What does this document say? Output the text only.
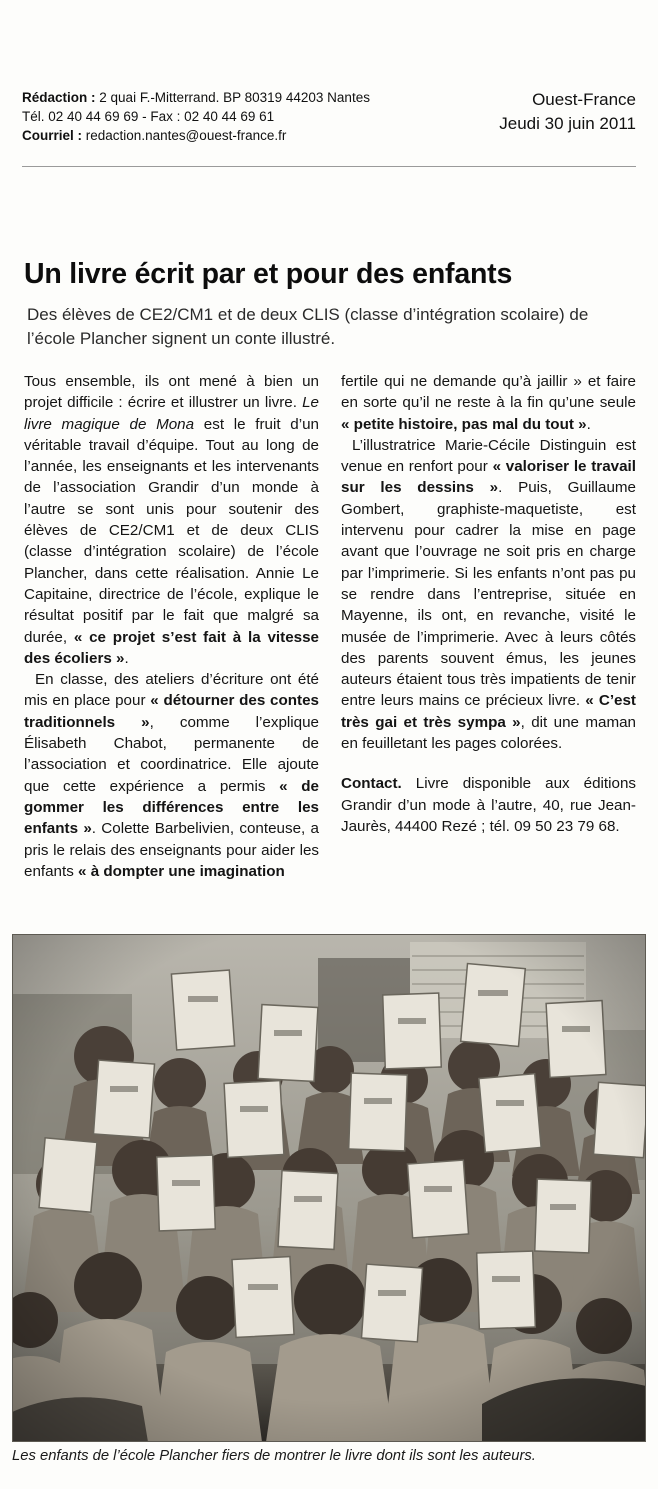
Rédaction : 2 quai F.-Mitterrand. BP 80319 44203 Nantes
Tél. 02 40 44 69 69 - Fax : 02 40 44 69 61
Courriel : redaction.nantes@ouest-france.fr
Ouest-France
Jeudi 30 juin 2011
Un livre écrit par et pour des enfants
Des élèves de CE2/CM1 et de deux CLIS (classe d’intégration scolaire) de l’école Plancher signent un conte illustré.

Tous ensemble, ils ont mené à bien un projet difficile : écrire et illustrer un livre. Le livre magique de Mona est le fruit d’un véritable travail d’équipe. Tout au long de l’année, les enseignants et les intervenants de l’association Grandir d’un monde à l’autre se sont unis pour soutenir des élèves de CE2/CM1 et de deux CLIS (classe d’intégration scolaire) de l’école Plancher, dans cette réalisation. Annie Le Capitaine, directrice de l’école, explique le résultat positif par le fait que malgré sa durée, « ce projet s’est fait à la vitesse des écoliers ».

En classe, des ateliers d’écriture ont été mis en place pour « détourner des contes traditionnels », comme l’explique Élisabeth Chabot, permanente de l’association et coordinatrice. Elle ajoute que cette expérience a permis « de gommer les différences entre les enfants ». Colette Barbelivien, conteuse, a pris le relais des enseignants pour aider les enfants « à dompter une imagination

fertile qui ne demande qu’à jaillir » et faire en sorte qu’il ne reste à la fin qu’une seule « petite histoire, pas mal du tout ».

L’illustratrice Marie-Cécile Distinguin est venue en renfort pour « valoriser le travail sur les dessins ». Puis, Guillaume Gombert, graphiste-maquetiste, est intervenu pour cadrer la mise en page avant que l’ouvrage ne soit pris en charge par l’imprimerie. Si les enfants n’ont pas pu se rendre dans l’entreprise, située en Mayenne, ils ont, en revanche, visité le musée de l’imprimerie. Avec à leurs côtés des parents souvent émus, les jeunes auteurs étaient tous très impatients de tenir entre leurs mains ce précieux livre. « C’est très gai et très sympa », dit une maman en feuilletant les pages colorées.

Contact. Livre disponible aux éditions Grandir d’un mode à l’autre, 40, rue Jean-Jaurès, 44400 Rezé ; tél. 09 50 23 79 68.

Les enfants de l’école Plancher fiers de montrer le livre dont ils sont les auteurs.
